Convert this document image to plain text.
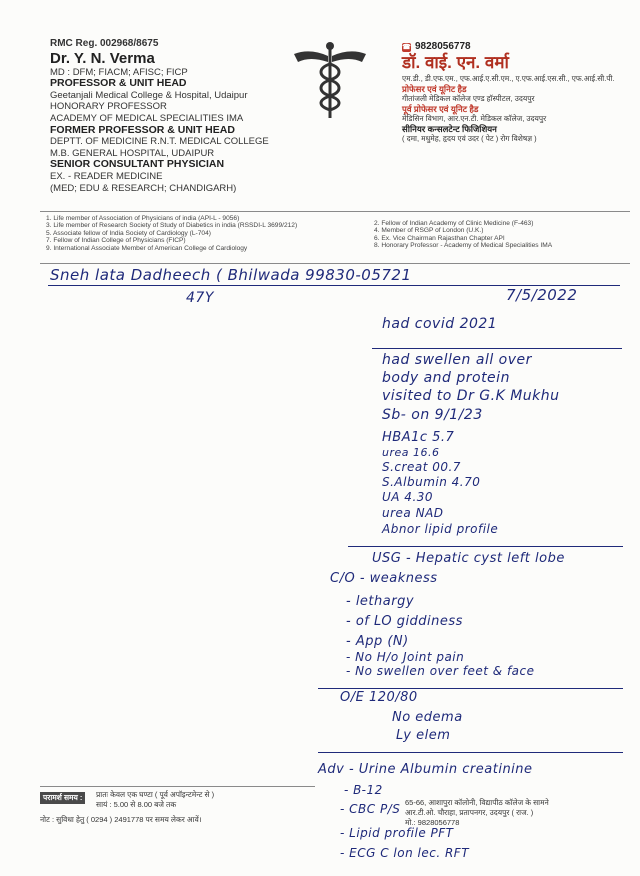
RMC Reg. 002968/8675
Dr. Y. N. Verma
MD : DFM; FIACM; AFISC; FICP
PROFESSOR & UNIT HEAD
Geetanjali Medical College & Hospital, Udaipur
HONORARY PROFESSOR
ACADEMY OF MEDICAL SPECIALITIES IMA
FORMER PROFESSOR & UNIT HEAD
DEPTT. OF MEDICINE R.N.T. MEDICAL COLLEGE
M.B. GENERAL HOSPITAL, UDAIPUR
SENIOR CONSULTANT PHYSICIAN
EX. - READER MEDICINE
(MED; EDU & RESEARCH; CHANDIGARH)
☎ 9828056778
डॉ. वाई. एन. वर्मा
एम.डी., डी.एफ.एम., एफ.आई.ए.सी.एम., ए.एफ.आई.एस.सी., एफ.आई.सी.पी.
प्रोफेसर एवं यूनिट हैड
गीतांजली मेडिकल कॉलेज एण्ड हॉस्पीटल, उदयपुर
पूर्व प्रोफेसर एवं यूनिट हैड
मेडिसिन विभाग, आर.एन.टी. मेडिकल कॉलेज, उदयपुर
सीनियर कन्सलटेन्ट फिजिशियन
( दमा, मधुमेह, हृदय एवं उदर ( पेट ) रोग विशेषज्ञ )
1. Life member of Association of Physicians of india (API-L - 9056)
3. Life member of Research Society of Study of Diabetics in india (RSSDI-L 3699/212)
5. Associate fellow of India Society of Cardiology (L-704)
7. Fellow of Indian College of Physicians (FICP)
9. International Associate Member of American College of Cardiology
2. Fellow of Indian Academy of Clinic Medicine (F-463)
4. Member of RSGP of London (U.K.)
6. Ex. Vice Chairman Rajasthan Chapter API
8. Honorary Professor - Academy of Medical Specialities IMA
Sneh lata Dadheech ( Bhilwada 99830-05721
47Y	7/5/2022
had covid 2021
had swellen all over
body and protein
visited to Dr G.K Mukhu
Sb- on 9/1/23
HBA1c 5.7
urea 16.6
S.creat 00.7
S.Albumin 4.70
UA 4.30
urea NAD
Abnor lipid profile
USG - Hepatic cyst left lobe
C/O - weakness
- lethargy
- of LO giddiness
- App (N)
- No H/o Joint pain
- No swellen over feet & face
O/E 120/80
No edema
Ly elem
Adv - Urine Albumin creatinine
- B-12
- CBC P/S
- Lipid profile PFT
- ECG C lon lec. RFT
परामर्श समय :	प्रातः केवल एक घण्टा ( पूर्व अपॉइन्टमेन्ट से )
सायं : 5.00 से 8.00 बजे तक
नोट : सुविधा हेतु ( 0294 ) 2491778 पर समय लेकर आवें।
65-66, आशापुरा कॉलोनी, विद्यापीठ कॉलेज के सामने
आर.टी.ओ. चौराहा, प्रतापनगर, उदयपुर ( राज. )
मो.: 9828056778
